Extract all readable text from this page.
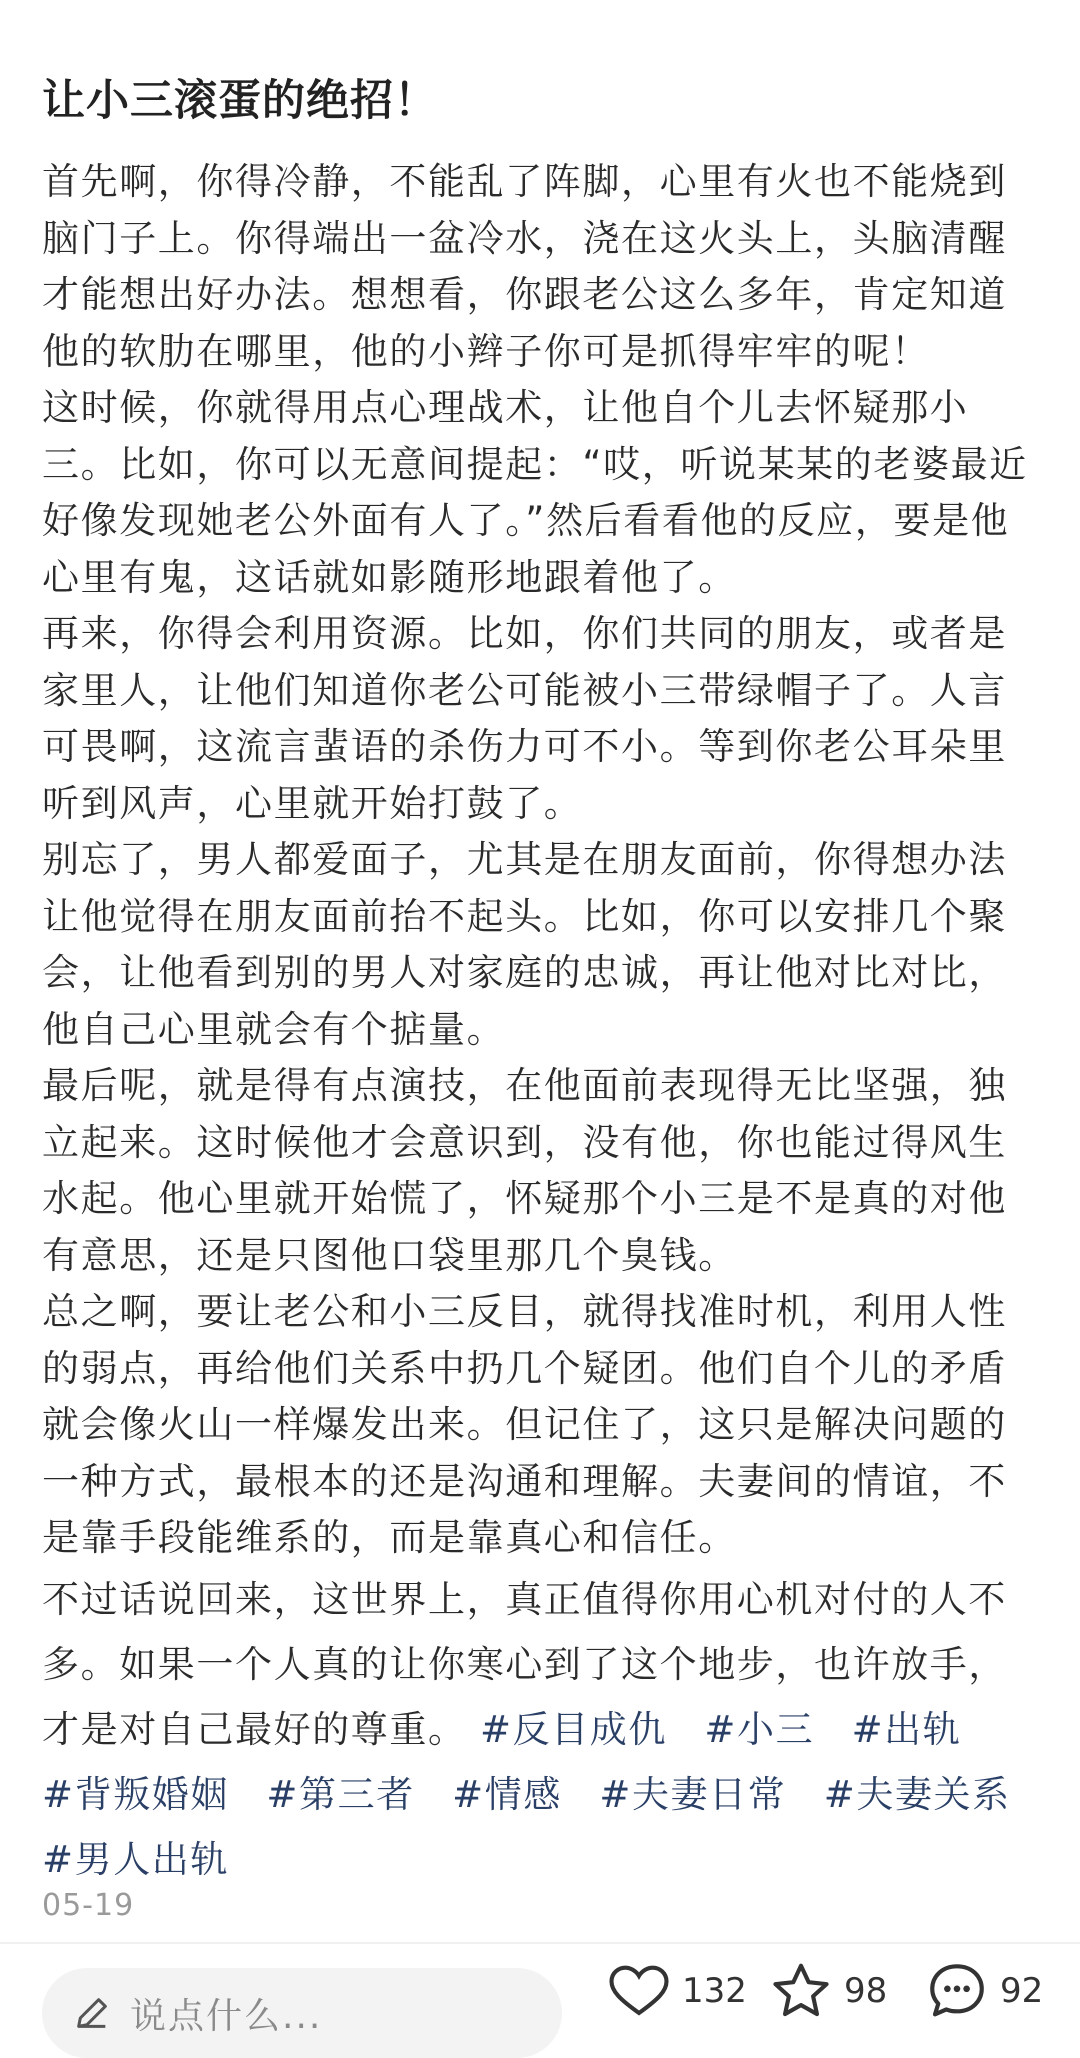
让小三滚蛋的绝招！

首先啊，你得冷静，不能乱了阵脚，心里有火也不能烧到脑门子上。你得端出一盆冷水，浇在这火头上，头脑清醒才能想出好办法。想想看，你跟老公这么多年，肯定知道他的软肋在哪里，他的小辫子你可是抓得牢牢的呢！

这时候，你就得用点心理战术，让他自个儿去怀疑那小三。比如，你可以无意间提起：“哎，听说某某的老婆最近好像发现她老公外面有人了。”然后看看他的反应，要是他心里有鬼，这话就如影随形地跟着他了。

再来，你得会利用资源。比如，你们共同的朋友，或者是家里人，让他们知道你老公可能被小三带绿帽子了。人言可畏啊，这流言蜚语的杀伤力可不小。等到你老公耳朵里听到风声，心里就开始打鼓了。

别忘了，男人都爱面子，尤其是在朋友面前，你得想办法让他觉得在朋友面前抬不起头。比如，你可以安排几个聚会，让他看到别的男人对家庭的忠诚，再让他对比对比，他自己心里就会有个掂量。

最后呢，就是得有点演技，在他面前表现得无比坚强，独立起来。这时候他才会意识到，没有他，你也能过得风生水起。他心里就开始慌了，怀疑那个小三是不是真的对他有意思，还是只图他口袋里那几个臭钱。

总之啊，要让老公和小三反目，就得找准时机，利用人性的弱点，再给他们关系中扔几个疑团。他们自个儿的矛盾就会像火山一样爆发出来。但记住了，这只是解决问题的一种方式，最根本的还是沟通和理解。夫妻间的情谊，不是靠手段能维系的，而是靠真心和信任。

不过话说回来，这世界上，真正值得你用心机对付的人不多。如果一个人真的让你寒心到了这个地步，也许放手，才是对自己最好的尊重。 #反目成仇 #小三 #出轨 #背叛婚姻 #第三者 #情感 #夫妻日常 #夫妻关系 #男人出轨
05-19
说点什么...
132	98	92
